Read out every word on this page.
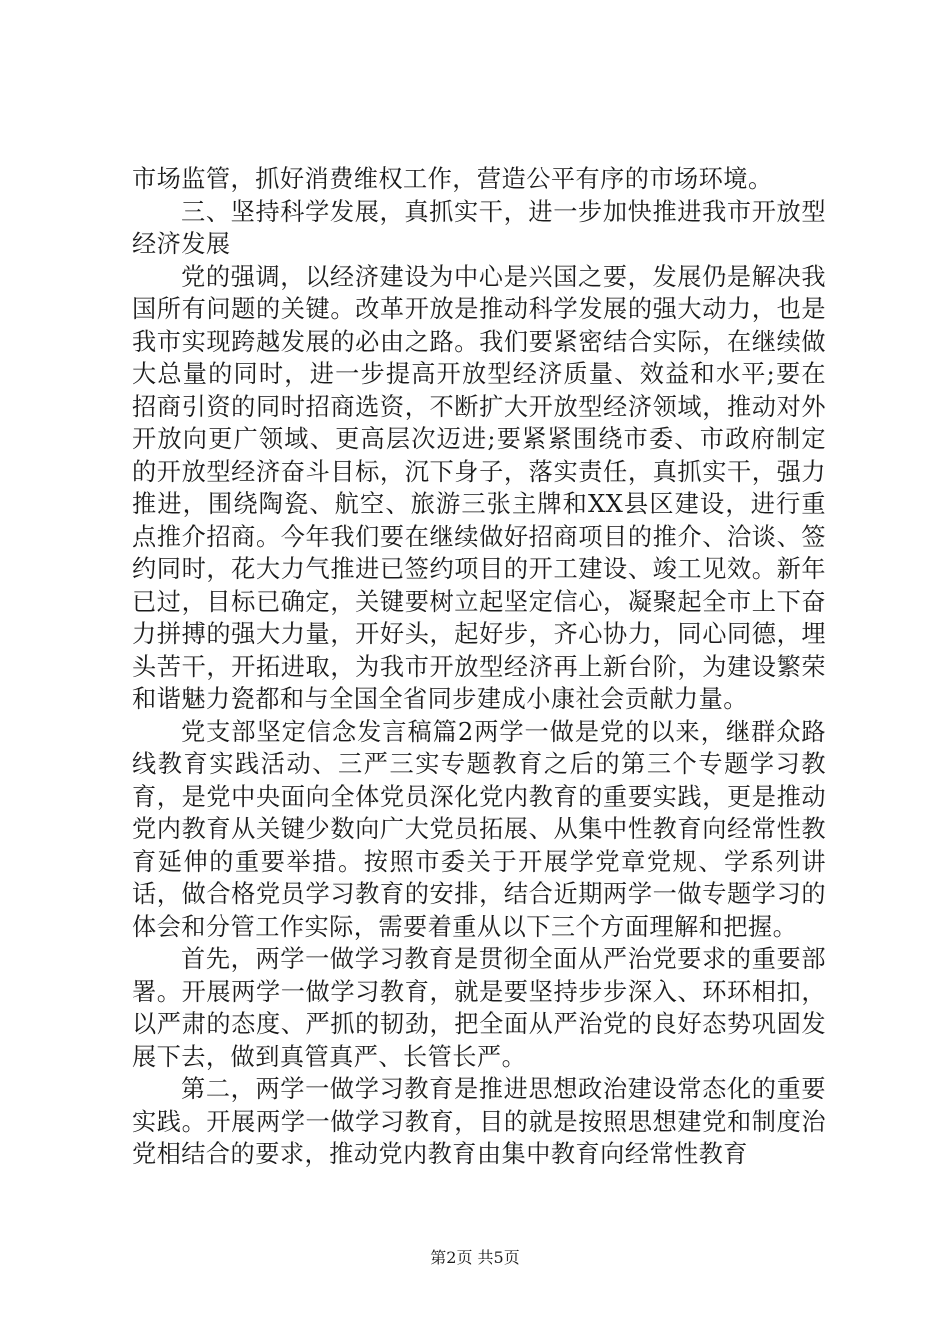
市场监管，抓好消费维权工作，营造公平有序的市场环境。

三、坚持科学发展，真抓实干，进一步加快推进我市开放型经济发展

党的强调，以经济建设为中心是兴国之要，发展仍是解决我国所有问题的关键。改革开放是推动科学发展的强大动力，也是我市实现跨越发展的必由之路。我们要紧密结合实际，在继续做大总量的同时，进一步提高开放型经济质量、效益和水平;要在招商引资的同时招商选资，不断扩大开放型经济领域，推动对外开放向更广领域、更高层次迈进;要紧紧围绕市委、市政府制定的开放型经济奋斗目标，沉下身子，落实责任，真抓实干，强力推进，围绕陶瓷、航空、旅游三张主牌和XX县区建设，进行重点推介招商。今年我们要在继续做好招商项目的推介、洽谈、签约同时，花大力气推进已签约项目的开工建设、竣工见效。新年已过，目标已确定，关键要树立起坚定信心，凝聚起全市上下奋力拼搏的强大力量，开好头，起好步，齐心协力，同心同德，埋头苦干，开拓进取，为我市开放型经济再上新台阶，为建设繁荣和谐魅力瓷都和与全国全省同步建成小康社会贡献力量。

党支部坚定信念发言稿篇2两学一做是党的以来，继群众路线教育实践活动、三严三实专题教育之后的第三个专题学习教育，是党中央面向全体党员深化党内教育的重要实践，更是推动党内教育从关键少数向广大党员拓展、从集中性教育向经常性教育延伸的重要举措。按照市委关于开展学党章党规、学系列讲话，做合格党员学习教育的安排，结合近期两学一做专题学习的体会和分管工作实际，需要着重从以下三个方面理解和把握。

首先，两学一做学习教育是贯彻全面从严治党要求的重要部署。开展两学一做学习教育，就是要坚持步步深入、环环相扣，以严肃的态度、严抓的韧劲，把全面从严治党的良好态势巩固发展下去，做到真管真严、长管长严。

第二，两学一做学习教育是推进思想政治建设常态化的重要实践。开展两学一做学习教育，目的就是按照思想建党和制度治党相结合的要求，推动党内教育由集中教育向经常性教育

第2页 共5页
